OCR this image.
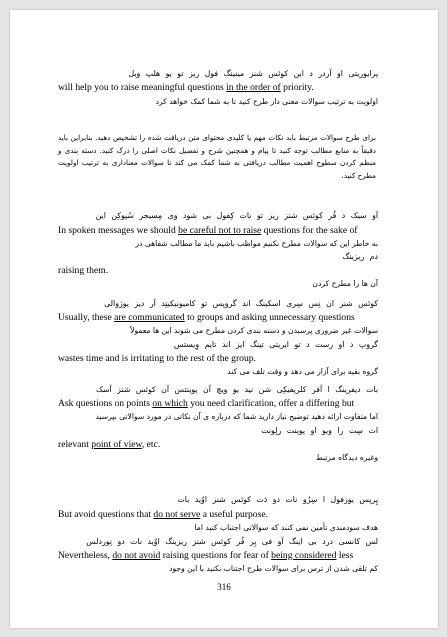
پرایوریتی او آردر د این کوئس شنز مینینگ فول ریز تو یو هلپ ویل
will help you to raise meaningful questions in the order of priority.
اولویت به ترتیب سوالات معنی دار طرح کنید تا به شما کمک خواهد کرد
برای طرح سوالات مرتبط باید نکات مهم یا کلیدی محتوای متن دریافت شده را تشخیص دهید. بنابراین باید دقیقاً به منابع مطالب توجه کنید تا پیام و همچنین شرح و تفصیل نکات اصلی را درک کنید. دسته بندی و منظم کردن سطوح اهمیت مطالب دریافتی به شما کمک می کند تا سوالات معناداری به ترتیب اولویت مطرح کنید.
آو سیک د فُر کوئس شنز ریز تو نات کِفول بی شود وی مِسیجز سُپوکِن این
In spoken messages we should be careful not to raise questions for the sake of
به خاطر این که سوالات مطرح نکنیم مواظب باشیم باید ما مطالب شفاهی در
دم ریزینگ
raising them.
آن ها را مطرح کردن
کوئس شنز ان نِس سِری اسکینگ اند گروپس تو کامیونیکیتِد آر دیز یوژوالی
Usually, these are communicated to groups and asking unnecessary questions
سوالات غیر ضروری پرسیدن و دسته بندی کردن مطرح می شوند این ها معمولاً
گروپ د او رست د تو ایریتی تینگ ایز اند تایم وِیستس
wastes time and is irritating to the rest of the group.
گروه بقیه برای آزار می دهد و وقت تلف می کند
بات دیفرینگ ا آفر کلریفیکِی شن نید یو ویچ آن پوینتس آن کوئس شنز آسک
Ask questions on points on which you need clarification, offer a differing but
اما متفاوت ارائه دهید توضیح نیاز دارید شما که درباره ی آن نکاتی در مورد سوالاتی بپرسید
ات سِت را ویو او پوینت رلِونت
relevant point of view, etc.
وغیره دیدگاه مرتبط
پِرپس یوزفول ا سِرُو نات دو دَت کوئس شنز اوُید بات
But avoid questions that do not serve a useful purpose.
هدف سودمندی تأمین نمی کنند که سوالاتی اجتناب کنید اما
لس کانسی درد بی اینگ آو فی یِر فُر کوئس شنز ریزینگ اوُید نات دو نِوردلس
Nevertheless, do not avoid raising questions for fear of being considered less
کم تلقی شدن از ترس برای سوالات طرح اجتناب نکنید با این وجود
316
